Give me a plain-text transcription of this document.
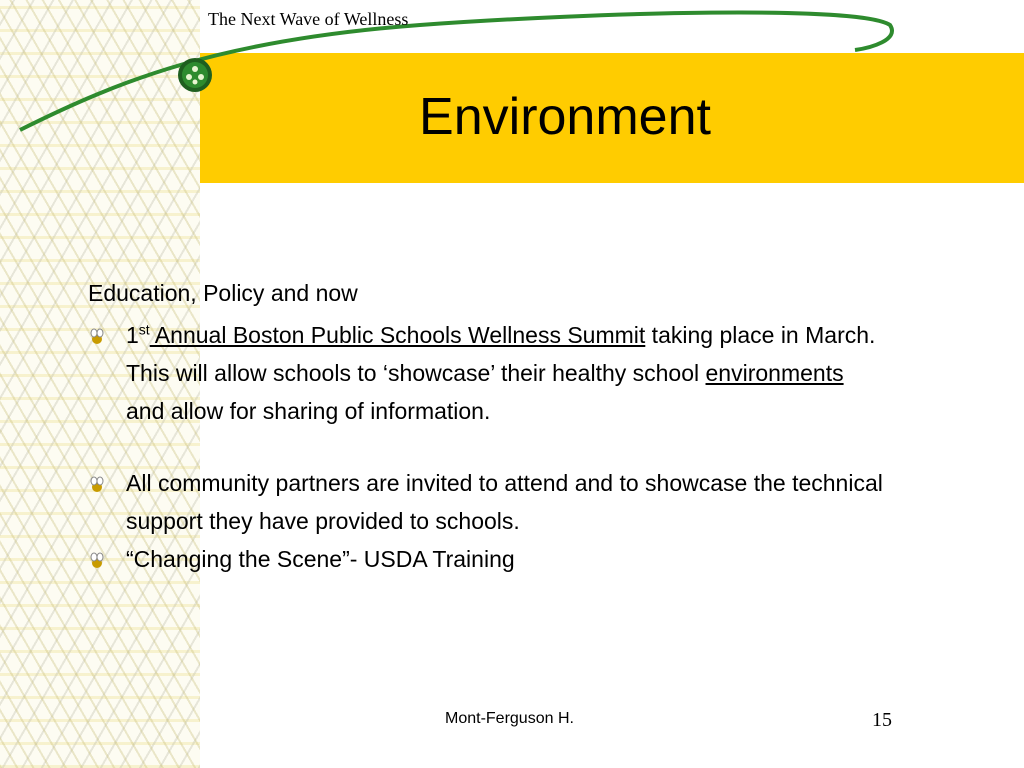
Environment
The Next Wave of Wellness
Education, Policy and now
1st Annual Boston Public Schools Wellness Summit taking place in March. This will allow schools to ‘showcase’ their healthy school environments and allow for sharing of information.
All community partners are invited to attend and to showcase the technical support they have provided to schools.
“Changing the Scene”- USDA Training
Mont-Ferguson H.	15
